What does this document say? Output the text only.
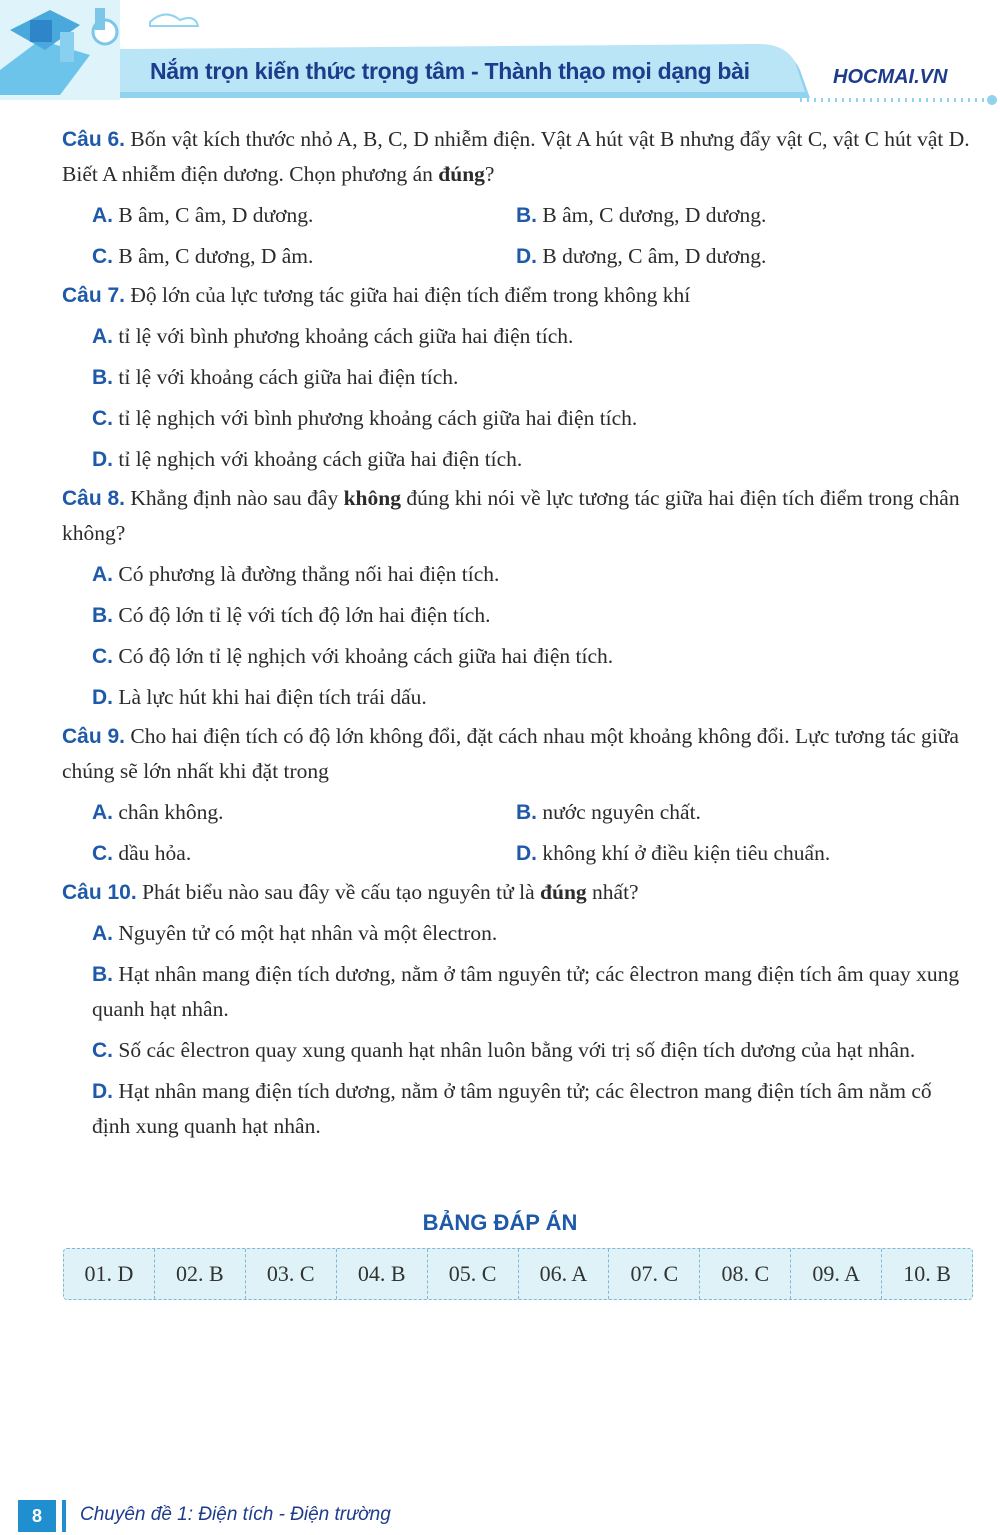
Nắm trọn kiến thức trọng tâm - Thành thạo mọi dạng bài	HOCMAI.VN

Câu 6. Bốn vật kích thước nhỏ A, B, C, D nhiễm điện. Vật A hút vật B nhưng đẩy vật C, vật C hút vật D. Biết A nhiễm điện dương. Chọn phương án đúng?

A. B âm, C âm, D dương.	B. B âm, C dương, D dương.

C. B âm, C dương, D âm.	D. B dương, C âm, D dương.

Câu 7. Độ lớn của lực tương tác giữa hai điện tích điểm trong không khí

A. tỉ lệ với bình phương khoảng cách giữa hai điện tích.

B. tỉ lệ với khoảng cách giữa hai điện tích.

C. tỉ lệ nghịch với bình phương khoảng cách giữa hai điện tích.

D. tỉ lệ nghịch với khoảng cách giữa hai điện tích.

Câu 8. Khẳng định nào sau đây không đúng khi nói về lực tương tác giữa hai điện tích điểm trong chân không?

A. Có phương là đường thẳng nối hai điện tích.

B. Có độ lớn tỉ lệ với tích độ lớn hai điện tích.

C. Có độ lớn tỉ lệ nghịch với khoảng cách giữa hai điện tích.

D. Là lực hút khi hai điện tích trái dấu.

Câu 9. Cho hai điện tích có độ lớn không đổi, đặt cách nhau một khoảng không đổi. Lực tương tác giữa chúng sẽ lớn nhất khi đặt trong

A. chân không.	B. nước nguyên chất.

C. dầu hỏa.	D. không khí ở điều kiện tiêu chuẩn.

Câu 10. Phát biểu nào sau đây về cấu tạo nguyên tử là đúng nhất?

A. Nguyên tử có một hạt nhân và một êlectron.

B. Hạt nhân mang điện tích dương, nằm ở tâm nguyên tử; các êlectron mang điện tích âm quay xung quanh hạt nhân.

C. Số các êlectron quay xung quanh hạt nhân luôn bằng với trị số điện tích dương của hạt nhân.

D. Hạt nhân mang điện tích dương, nằm ở tâm nguyên tử; các êlectron mang điện tích âm nằm cố định xung quanh hạt nhân.

BẢNG ĐÁP ÁN
01. D	02. B	03. C	04. B	05. C	06. A	07. C	08. C	09. A	10. B
8	Chuyên đề 1: Điện tích - Điện trường
